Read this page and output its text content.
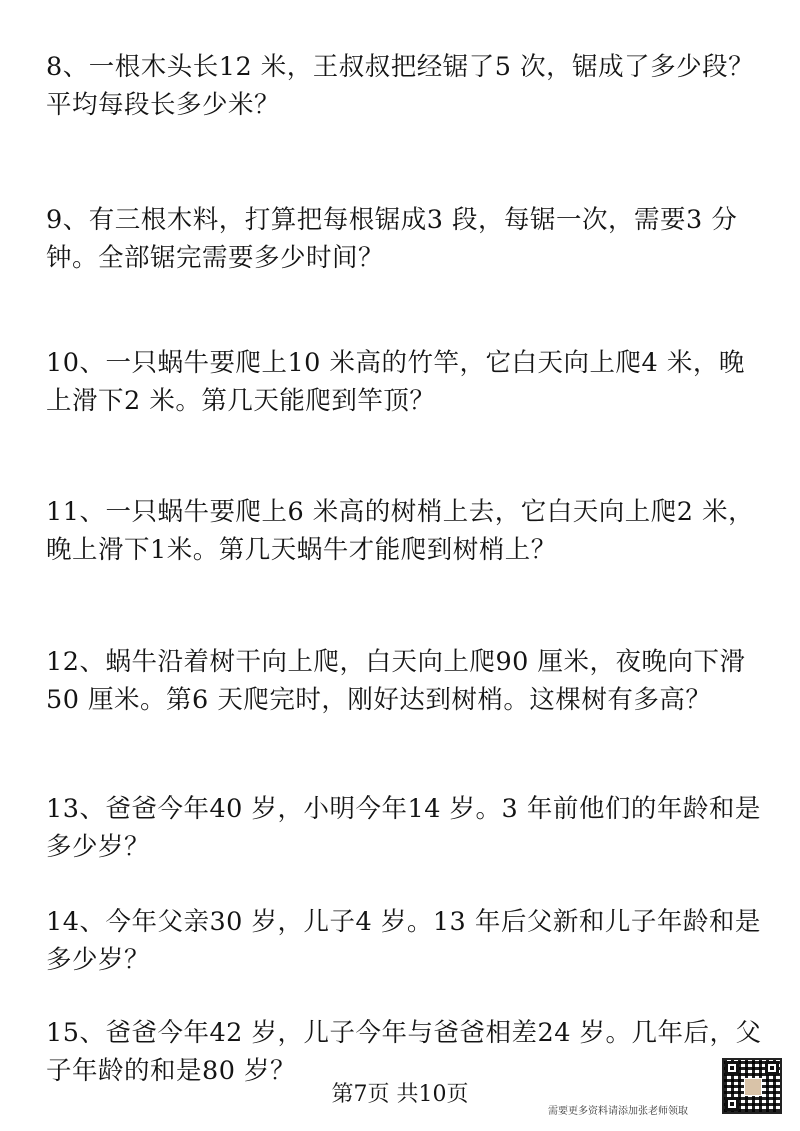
8、一根木头长12 米，王叔叔把经锯了5 次，锯成了多少段？平均每段长多少米？

9、有三根木料，打算把每根锯成3 段，每锯一次，需要3 分钟。全部锯完需要多少时间？

10、一只蜗牛要爬上10 米高的竹竿，它白天向上爬4 米，晚上滑下2 米。第几天能爬到竿顶？

11、一只蜗牛要爬上6 米高的树梢上去，它白天向上爬2 米，晚上滑下1米。第几天蜗牛才能爬到树梢上？

12、蜗牛沿着树干向上爬，白天向上爬90 厘米，夜晚向下滑50 厘米。第6 天爬完时，刚好达到树梢。这棵树有多高？

13、爸爸今年40 岁，小明今年14 岁。3 年前他们的年龄和是多少岁？

14、今年父亲30 岁，儿子4 岁。13 年后父新和儿子年龄和是多少岁？

15、爸爸今年42 岁，儿子今年与爸爸相差24 岁。几年后，父子年龄的和是80 岁？

第7页 共10页
需要更多资料请添加张老师领取
